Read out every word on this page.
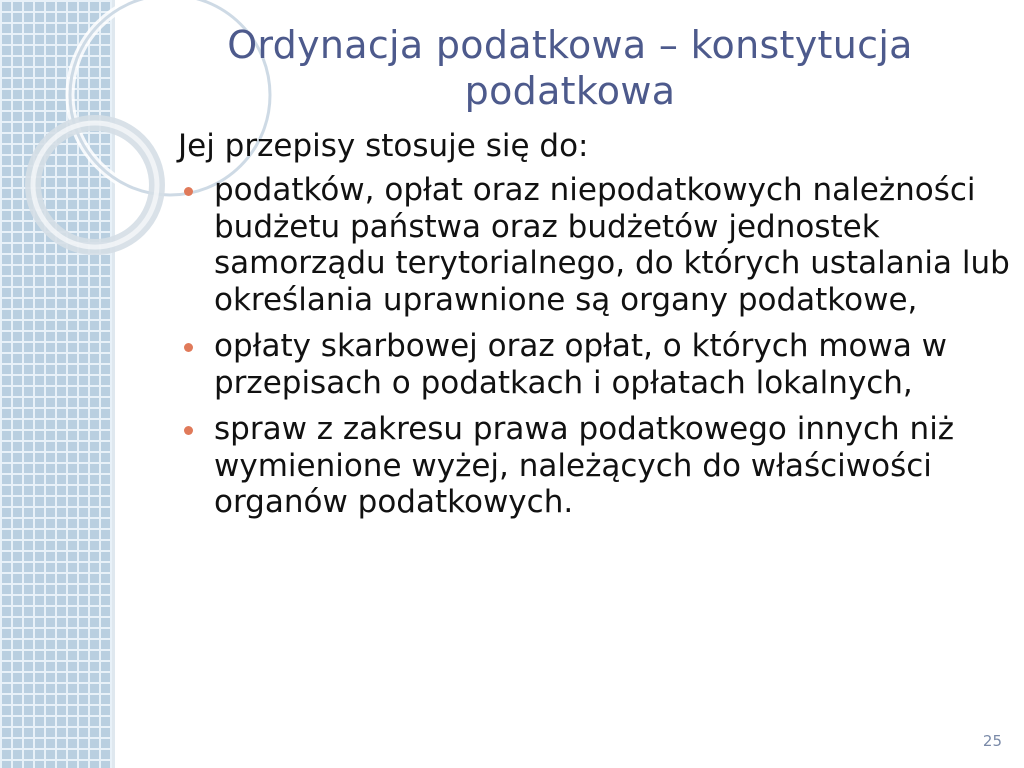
Ordynacja podatkowa – konstytucja podatkowa
Jej przepisy stosuje się do:
podatków, opłat oraz niepodatkowych należności budżetu państwa oraz budżetów jednostek samorządu terytorialnego, do których ustalania lub określania uprawnione są organy podatkowe,
opłaty skarbowej oraz opłat, o których mowa w przepisach o podatkach i opłatach lokalnych,
spraw z zakresu prawa podatkowego innych niż wymienione wyżej, należących do właściwości organów podatkowych.
25
